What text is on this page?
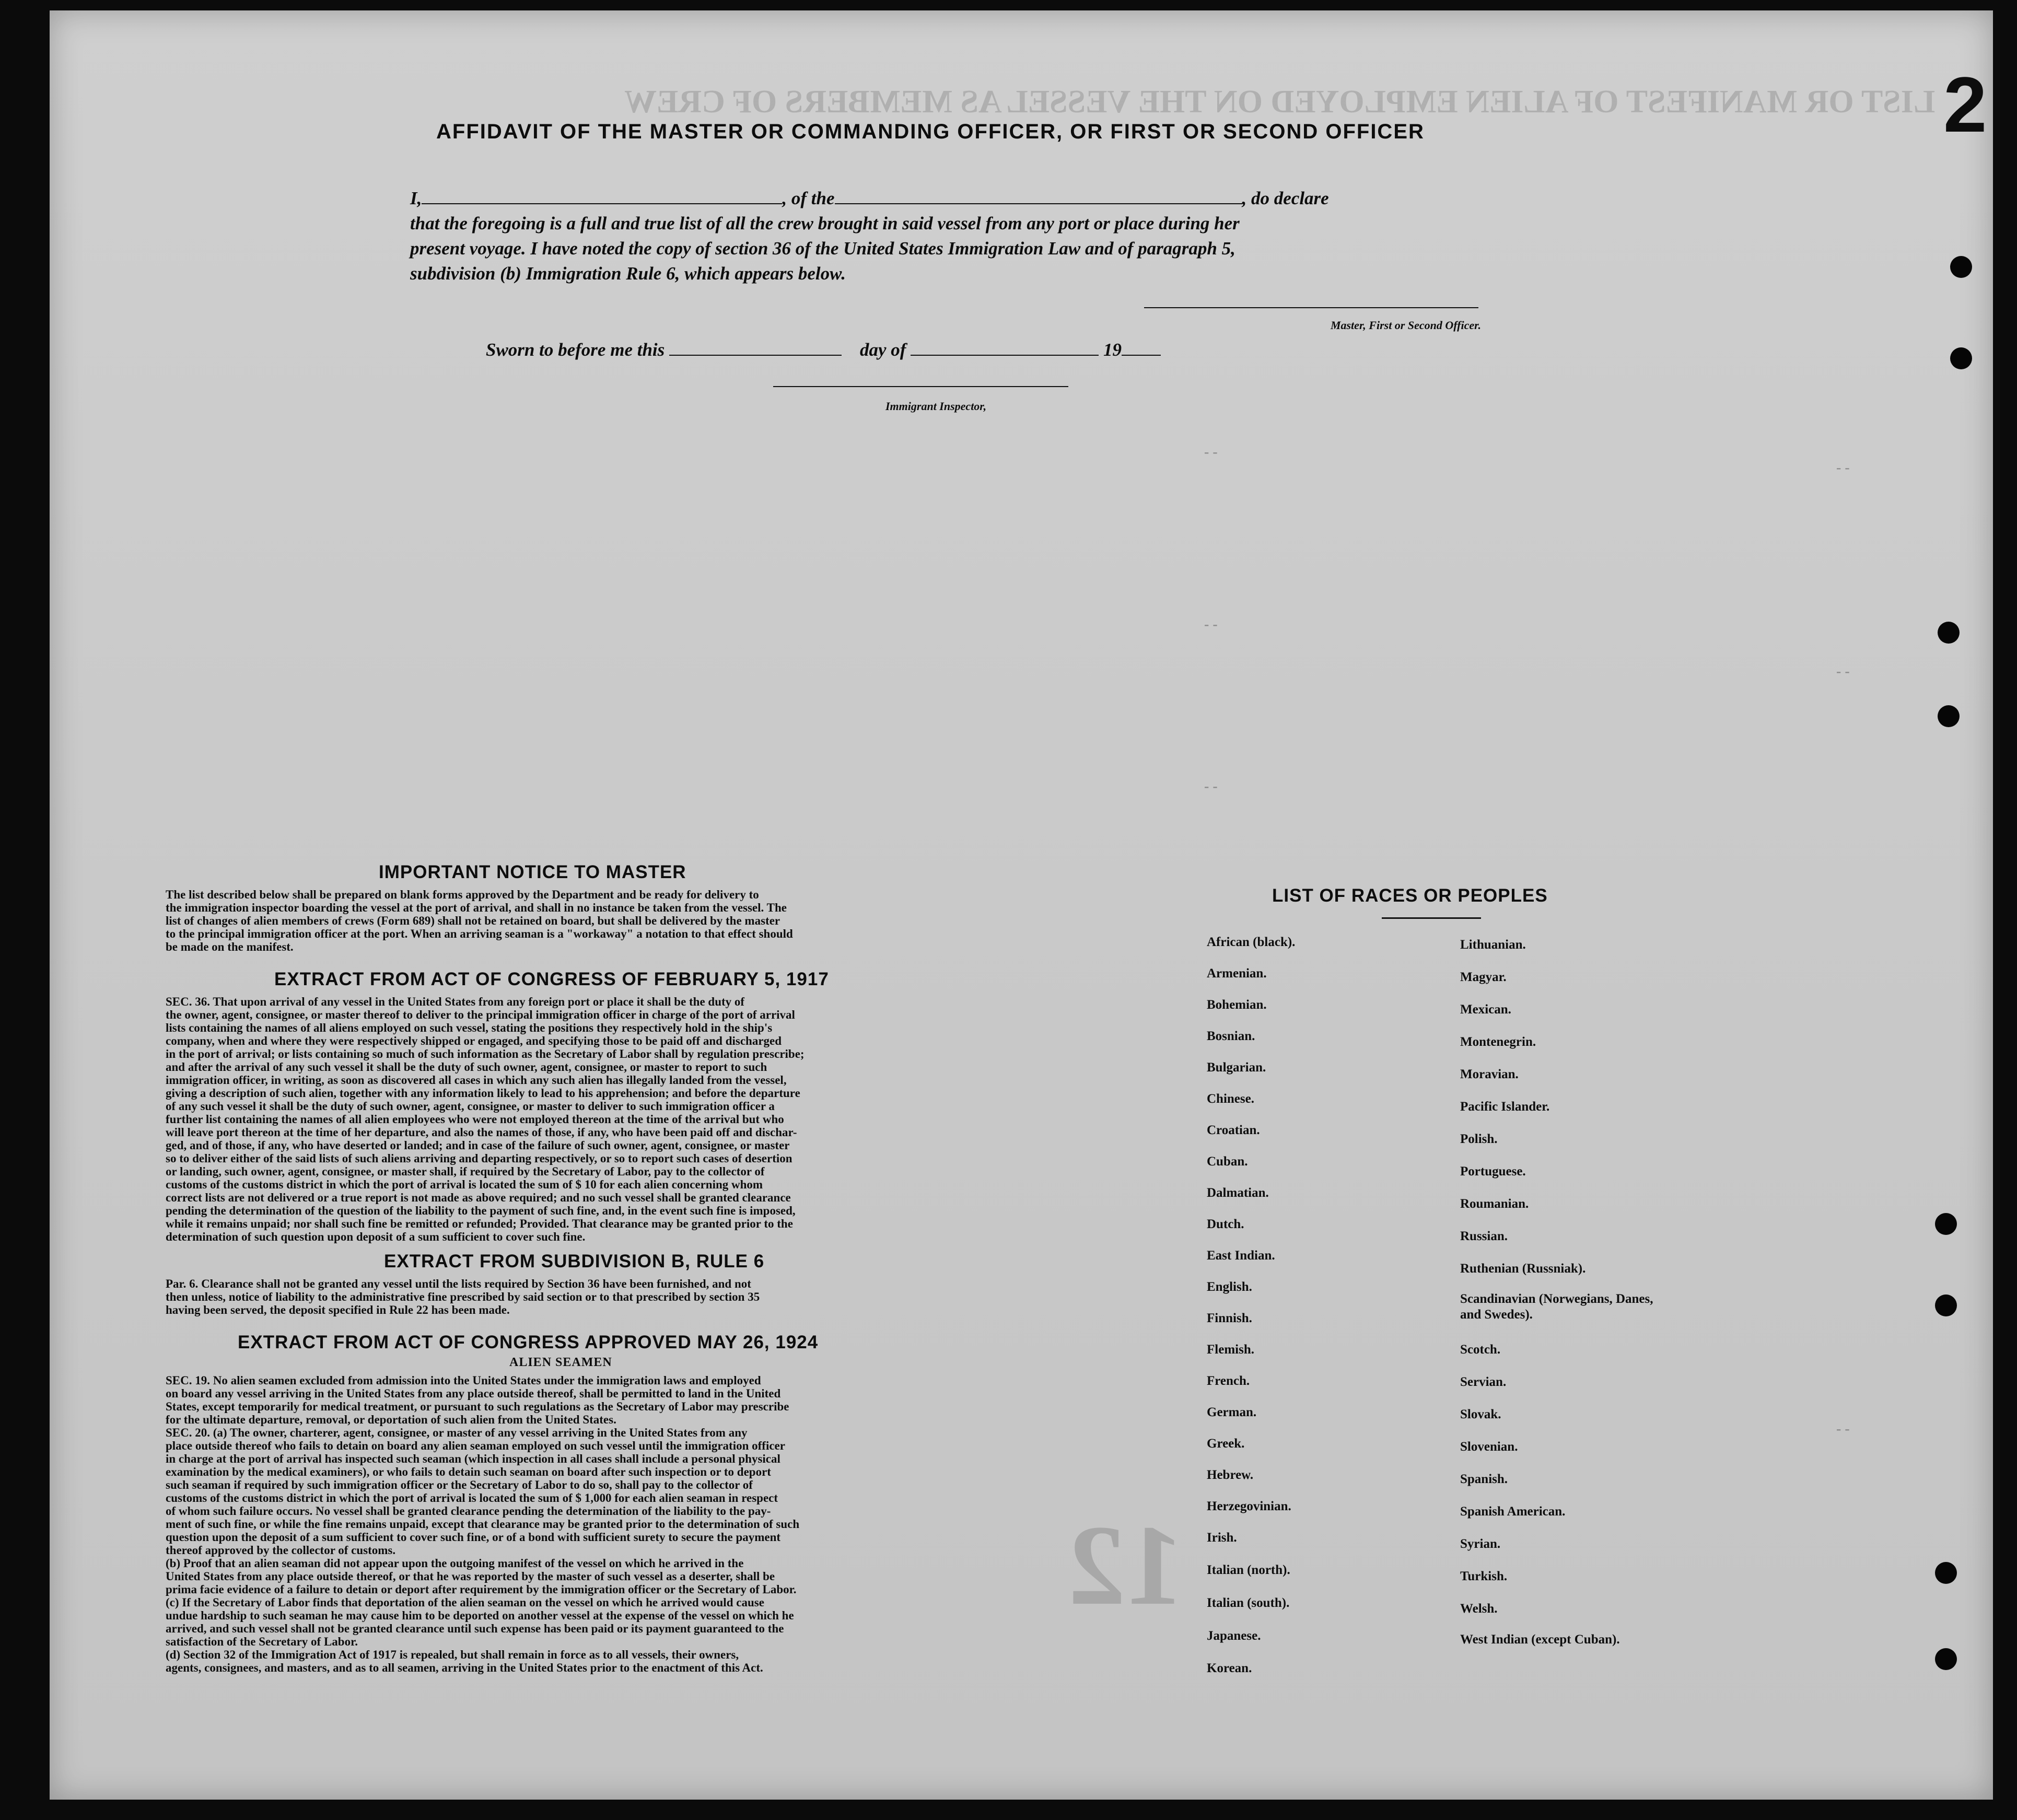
LIST OR MANIFEST OF ALIEN EMPLOYED ON THE VESSEL AS MEMBERS OF CREW
12
2
AFFIDAVIT OF THE MASTER OR COMMANDING OFFICER, OR FIRST OR SECOND OFFICER
I,	, of the	, do declare
that the foregoing is a full and true list of all the crew brought in said vessel from any port or place during her
present voyage. I have noted the copy of section 36 of the United States Immigration Law and of paragraph 5,
subdivision (b) Immigration Rule 6, which appears below.
Master, First or Second Officer.
Sworn to before me this	day of	19
Immigrant Inspector,
- -
- -
- -
- -
- -
- -
IMPORTANT NOTICE TO MASTER
The list described below shall be prepared on blank forms approved by the Department and be ready for delivery to
the immigration inspector boarding the vessel at the port of arrival, and shall in no instance be taken from the vessel. The
list of changes of alien members of crews (Form 689) shall not be retained on board, but shall be delivered by the master
to the principal immigration officer at the port. When an arriving seaman is a "workaway" a notation to that effect should
be made on the manifest.
EXTRACT FROM ACT OF CONGRESS OF FEBRUARY 5, 1917
SEC. 36. That upon arrival of any vessel in the United States from any foreign port or place it shall be the duty of
the owner, agent, consignee, or master thereof to deliver to the principal immigration officer in charge of the port of arrival
lists containing the names of all aliens employed on such vessel, stating the positions they respectively hold in the ship's
company, when and where they were respectively shipped or engaged, and specifying those to be paid off and discharged
in the port of arrival; or lists containing so much of such information as the Secretary of Labor shall by regulation prescribe;
and after the arrival of any such vessel it shall be the duty of such owner, agent, consignee, or master to report to such
immigration officer, in writing, as soon as discovered all cases in which any such alien has illegally landed from the vessel,
giving a description of such alien, together with any information likely to lead to his apprehension; and before the departure
of any such vessel it shall be the duty of such owner, agent, consignee, or master to deliver to such immigration officer a
further list containing the names of all alien employees who were not employed thereon at the time of the arrival but who
will leave port thereon at the time of her departure, and also the names of those, if any, who have been paid off and dischar-
ged, and of those, if any, who have deserted or landed; and in case of the failure of such owner, agent, consignee, or master
so to deliver either of the said lists of such aliens arriving and departing respectively, or so to report such cases of desertion
or landing, such owner, agent, consignee, or master shall, if required by the Secretary of Labor, pay to the collector of
customs of the customs district in which the port of arrival is located the sum of $ 10 for each alien concerning whom
correct lists are not delivered or a true report is not made as above required; and no such vessel shall be granted clearance
pending the determination of the question of the liability to the payment of such fine, and, in the event such fine is imposed,
while it remains unpaid; nor shall such fine be remitted or refunded; Provided. That clearance may be granted prior to the
determination of such question upon deposit of a sum sufficient to cover such fine.
EXTRACT FROM SUBDIVISION B, RULE 6
Par. 6. Clearance shall not be granted any vessel until the lists required by Section 36 have been furnished, and not
then unless, notice of liability to the administrative fine prescribed by said section or to that prescribed by section 35
having been served, the deposit specified in Rule 22 has been made.
EXTRACT FROM ACT OF CONGRESS APPROVED MAY 26, 1924
ALIEN SEAMEN
SEC. 19. No alien seamen excluded from admission into the United States under the immigration laws and employed
on board any vessel arriving in the United States from any place outside thereof, shall be permitted to land in the United
States, except temporarily for medical treatment, or pursuant to such regulations as the Secretary of Labor may prescribe
for the ultimate departure, removal, or deportation of such alien from the United States.
SEC. 20. (a) The owner, charterer, agent, consignee, or master of any vessel arriving in the United States from any
place outside thereof who fails to detain on board any alien seaman employed on such vessel until the immigration officer
in charge at the port of arrival has inspected such seaman (which inspection in all cases shall include a personal physical
examination by the medical examiners), or who fails to detain such seaman on board after such inspection or to deport
such seaman if required by such immigration officer or the Secretary of Labor to do so, shall pay to the collector of
customs of the customs district in which the port of arrival is located the sum of $ 1,000 for each alien seaman in respect
of whom such failure occurs. No vessel shall be granted clearance pending the determination of the liability to the pay-
ment of such fine, or while the fine remains unpaid, except that clearance may be granted prior to the determination of such
question upon the deposit of a sum sufficient to cover such fine, or of a bond with sufficient surety to secure the payment
thereof approved by the collector of customs.
(b) Proof that an alien seaman did not appear upon the outgoing manifest of the vessel on which he arrived in the
United States from any place outside thereof, or that he was reported by the master of such vessel as a deserter, shall be
prima facie evidence of a failure to detain or deport after requirement by the immigration officer or the Secretary of Labor.
(c) If the Secretary of Labor finds that deportation of the alien seaman on the vessel on which he arrived would cause
undue hardship to such seaman he may cause him to be deported on another vessel at the expense of the vessel on which he
arrived, and such vessel shall not be granted clearance until such expense has been paid or its payment guaranteed to the
satisfaction of the Secretary of Labor.
(d) Section 32 of the Immigration Act of 1917 is repealed, but shall remain in force as to all vessels, their owners,
agents, consignees, and masters, and as to all seamen, arriving in the United States prior to the enactment of this Act.
LIST OF RACES OR PEOPLES
African (black).
Armenian.
Bohemian.
Bosnian.
Bulgarian.
Chinese.
Croatian.
Cuban.
Dalmatian.
Dutch.
East Indian.
English.
Finnish.
Flemish.
French.
German.
Greek.
Hebrew.
Herzegovinian.
Irish.
Italian (north).
Italian (south).
Japanese.
Korean.
Lithuanian.
Magyar.
Mexican.
Montenegrin.
Moravian.
Pacific Islander.
Polish.
Portuguese.
Roumanian.
Russian.
Ruthenian (Russniak).
Scandinavian (Norwegians, Danes, and Swedes).
Scotch.
Servian.
Slovak.
Slovenian.
Spanish.
Spanish American.
Syrian.
Turkish.
Welsh.
West Indian (except Cuban).
